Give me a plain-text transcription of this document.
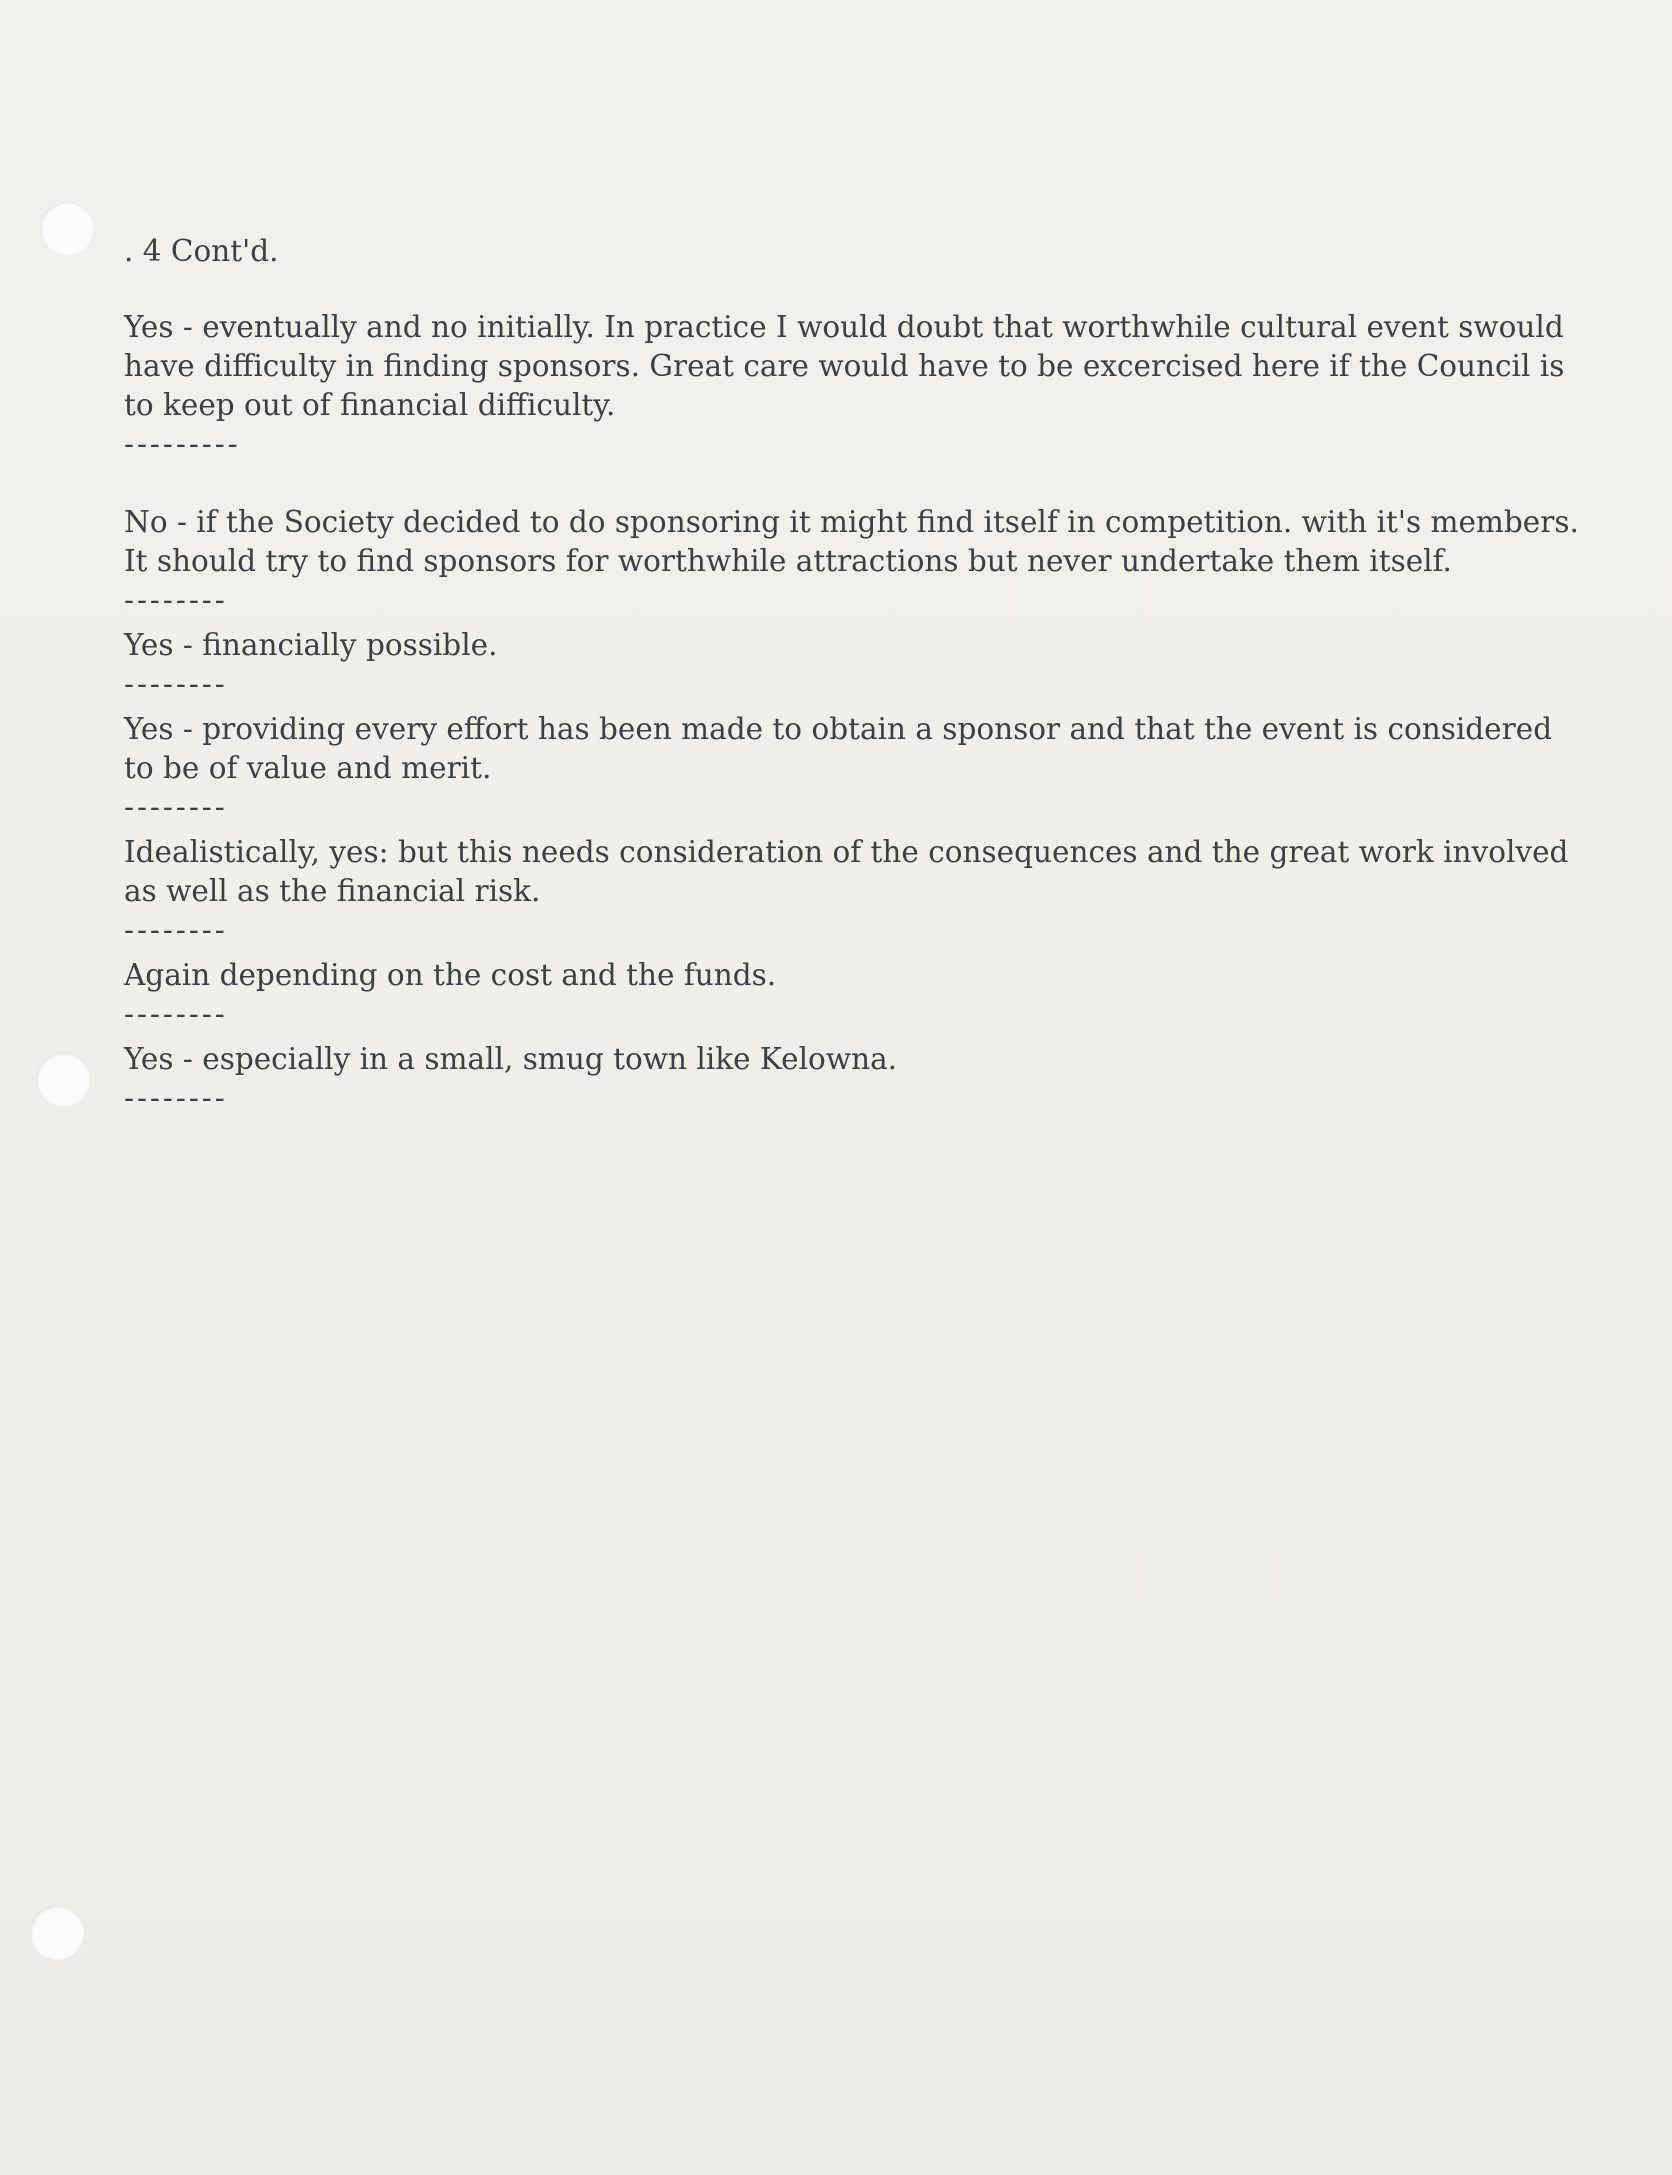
. 4 Cont'd.

Yes - eventually and no initially. In practice I would doubt that worthwhile cultural event swould have difficulty in finding sponsors. Great care would have to be excercised here if the Council is to keep out of financial difficulty.

---------

No - if the Society decided to do sponsoring it might find itself in competition. with it's members. It should try to find sponsors for worthwhile attractions but never undertake them itself.

--------

Yes - financially possible.

--------

Yes - providing every effort has been made to obtain a sponsor and that the event is considered to be of value and merit.

--------

Idealistically, yes: but this needs consideration of the consequences and the great work involved as well as the financial risk.

--------

Again depending on the cost and the funds.

--------

Yes - especially in a small, smug town like Kelowna.

--------
